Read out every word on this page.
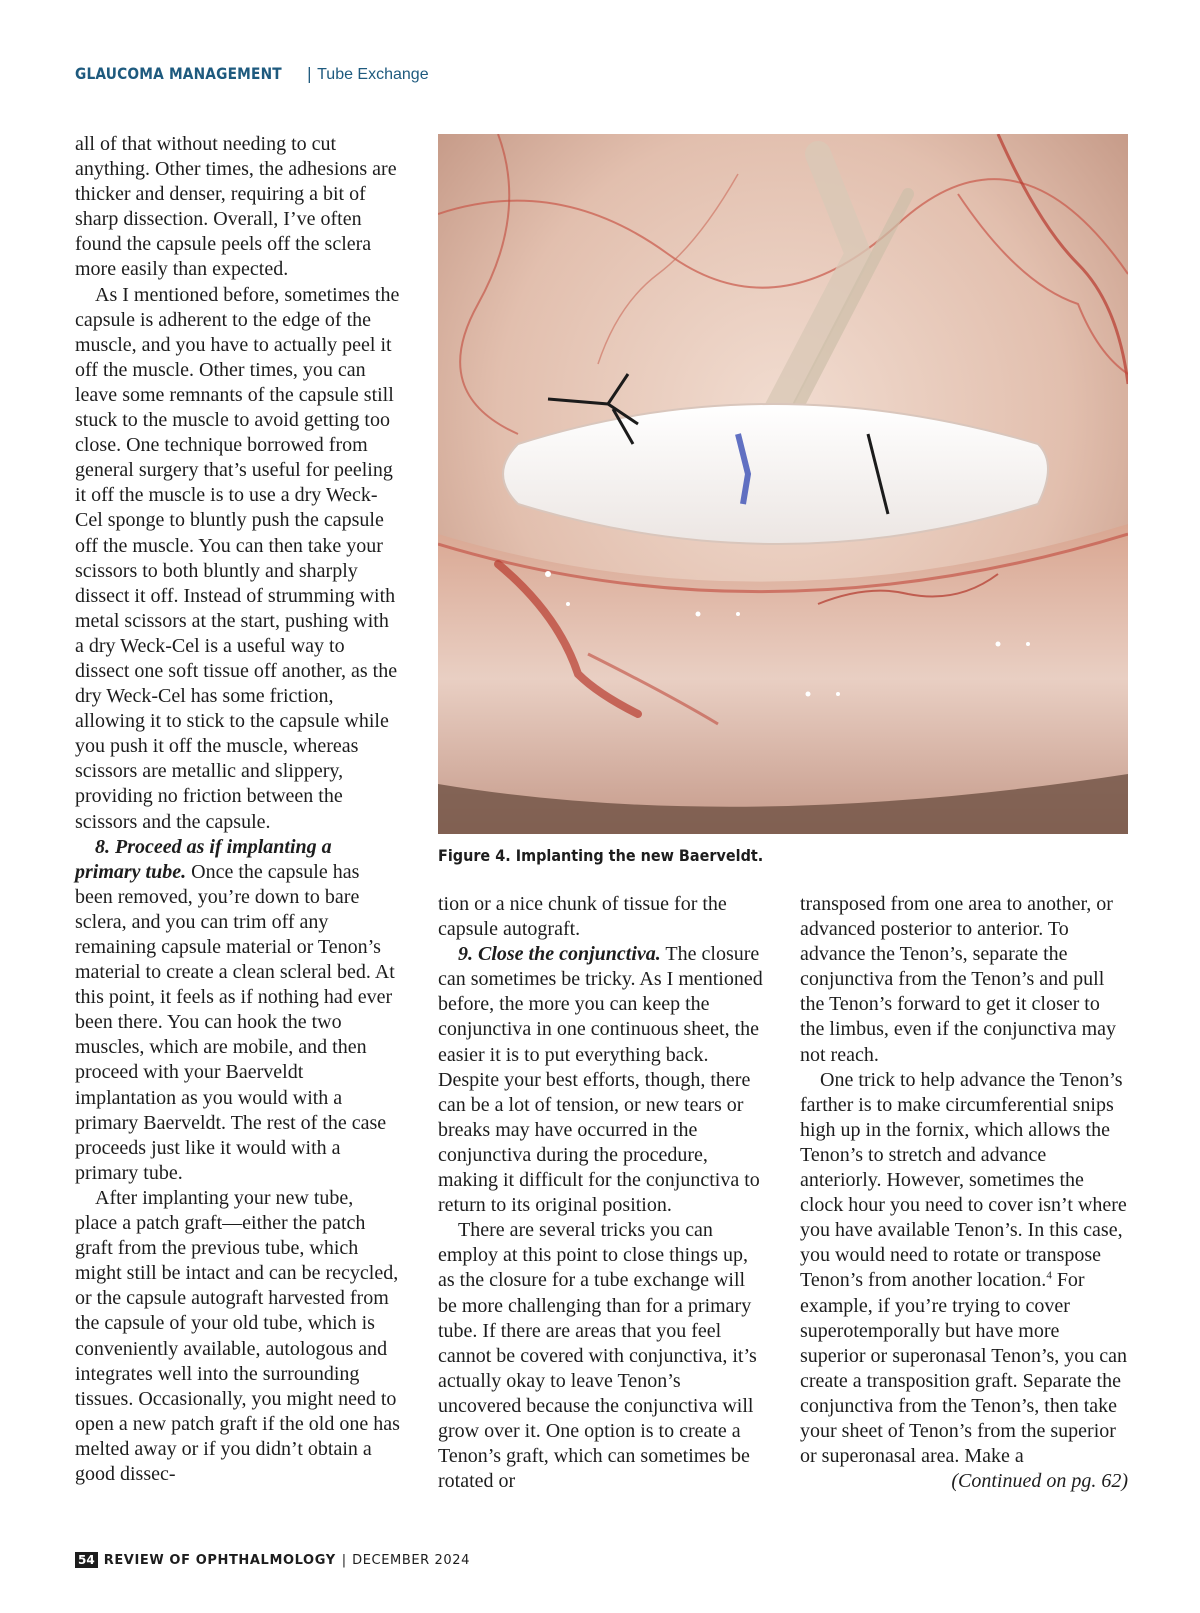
GLAUCOMA MANAGEMENT | Tube Exchange

all of that without needing to cut anything. Other times, the adhesions are thicker and denser, requiring a bit of sharp dissection. Overall, I’ve often found the capsule peels off the sclera more easily than expected.

As I mentioned before, sometimes the capsule is adherent to the edge of the muscle, and you have to actually peel it off the muscle. Other times, you can leave some remnants of the capsule still stuck to the muscle to avoid getting too close. One technique borrowed from general surgery that’s useful for peeling it off the muscle is to use a dry Weck-Cel sponge to bluntly push the capsule off the muscle. You can then take your scissors to both bluntly and sharply dissect it off. Instead of strumming with metal scissors at the start, pushing with a dry Weck-Cel is a useful way to dissect one soft tissue off another, as the dry Weck-Cel has some friction, allowing it to stick to the capsule while you push it off the muscle, whereas scissors are metallic and slippery, providing no friction between the scissors and the capsule.

8. Proceed as if implanting a primary tube. Once the capsule has been removed, you’re down to bare sclera, and you can trim off any remaining capsule material or Tenon’s material to create a clean scleral bed. At this point, it feels as if nothing had ever been there. You can hook the two muscles, which are mobile, and then proceed with your Baerveldt implantation as you would with a primary Baerveldt. The rest of the case proceeds just like it would with a primary tube.

After implanting your new tube, place a patch graft—either the patch graft from the previous tube, which might still be intact and can be recycled, or the capsule autograft harvested from the capsule of your old tube, which is conveniently available, autologous and integrates well into the surrounding tissues. Occasionally, you might need to open a new patch graft if the old one has melted away or if you didn’t obtain a good dissec-

Figure 4. Implanting the new Baerveldt.

tion or a nice chunk of tissue for the capsule autograft.

9. Close the conjunctiva. The closure can sometimes be tricky. As I mentioned before, the more you can keep the conjunctiva in one continuous sheet, the easier it is to put everything back. Despite your best efforts, though, there can be a lot of tension, or new tears or breaks may have occurred in the conjunctiva during the procedure, making it difficult for the conjunctiva to return to its original position.

There are several tricks you can employ at this point to close things up, as the closure for a tube exchange will be more challenging than for a primary tube. If there are areas that you feel cannot be covered with conjunctiva, it’s actually okay to leave Tenon’s uncovered because the conjunctiva will grow over it. One option is to create a Tenon’s graft, which can sometimes be rotated or

transposed from one area to another, or advanced posterior to anterior. To advance the Tenon’s, separate the conjunctiva from the Tenon’s and pull the Tenon’s forward to get it closer to the limbus, even if the conjunctiva may not reach.

One trick to help advance the Tenon’s farther is to make circumferential snips high up in the fornix, which allows the Tenon’s to stretch and advance anteriorly. However, sometimes the clock hour you need to cover isn’t where you have available Tenon’s. In this case, you would need to rotate or transpose Tenon’s from another location.$^4$ For example, if you’re trying to cover superotemporally but have more superior or superonasal Tenon’s, you can create a transposition graft. Separate the conjunctiva from the Tenon’s, then take your sheet of Tenon’s from the superior or superonasal area. Make a

(Continued on pg. 62)

54 REVIEW OF OPHTHALMOLOGY | DECEMBER 2024
